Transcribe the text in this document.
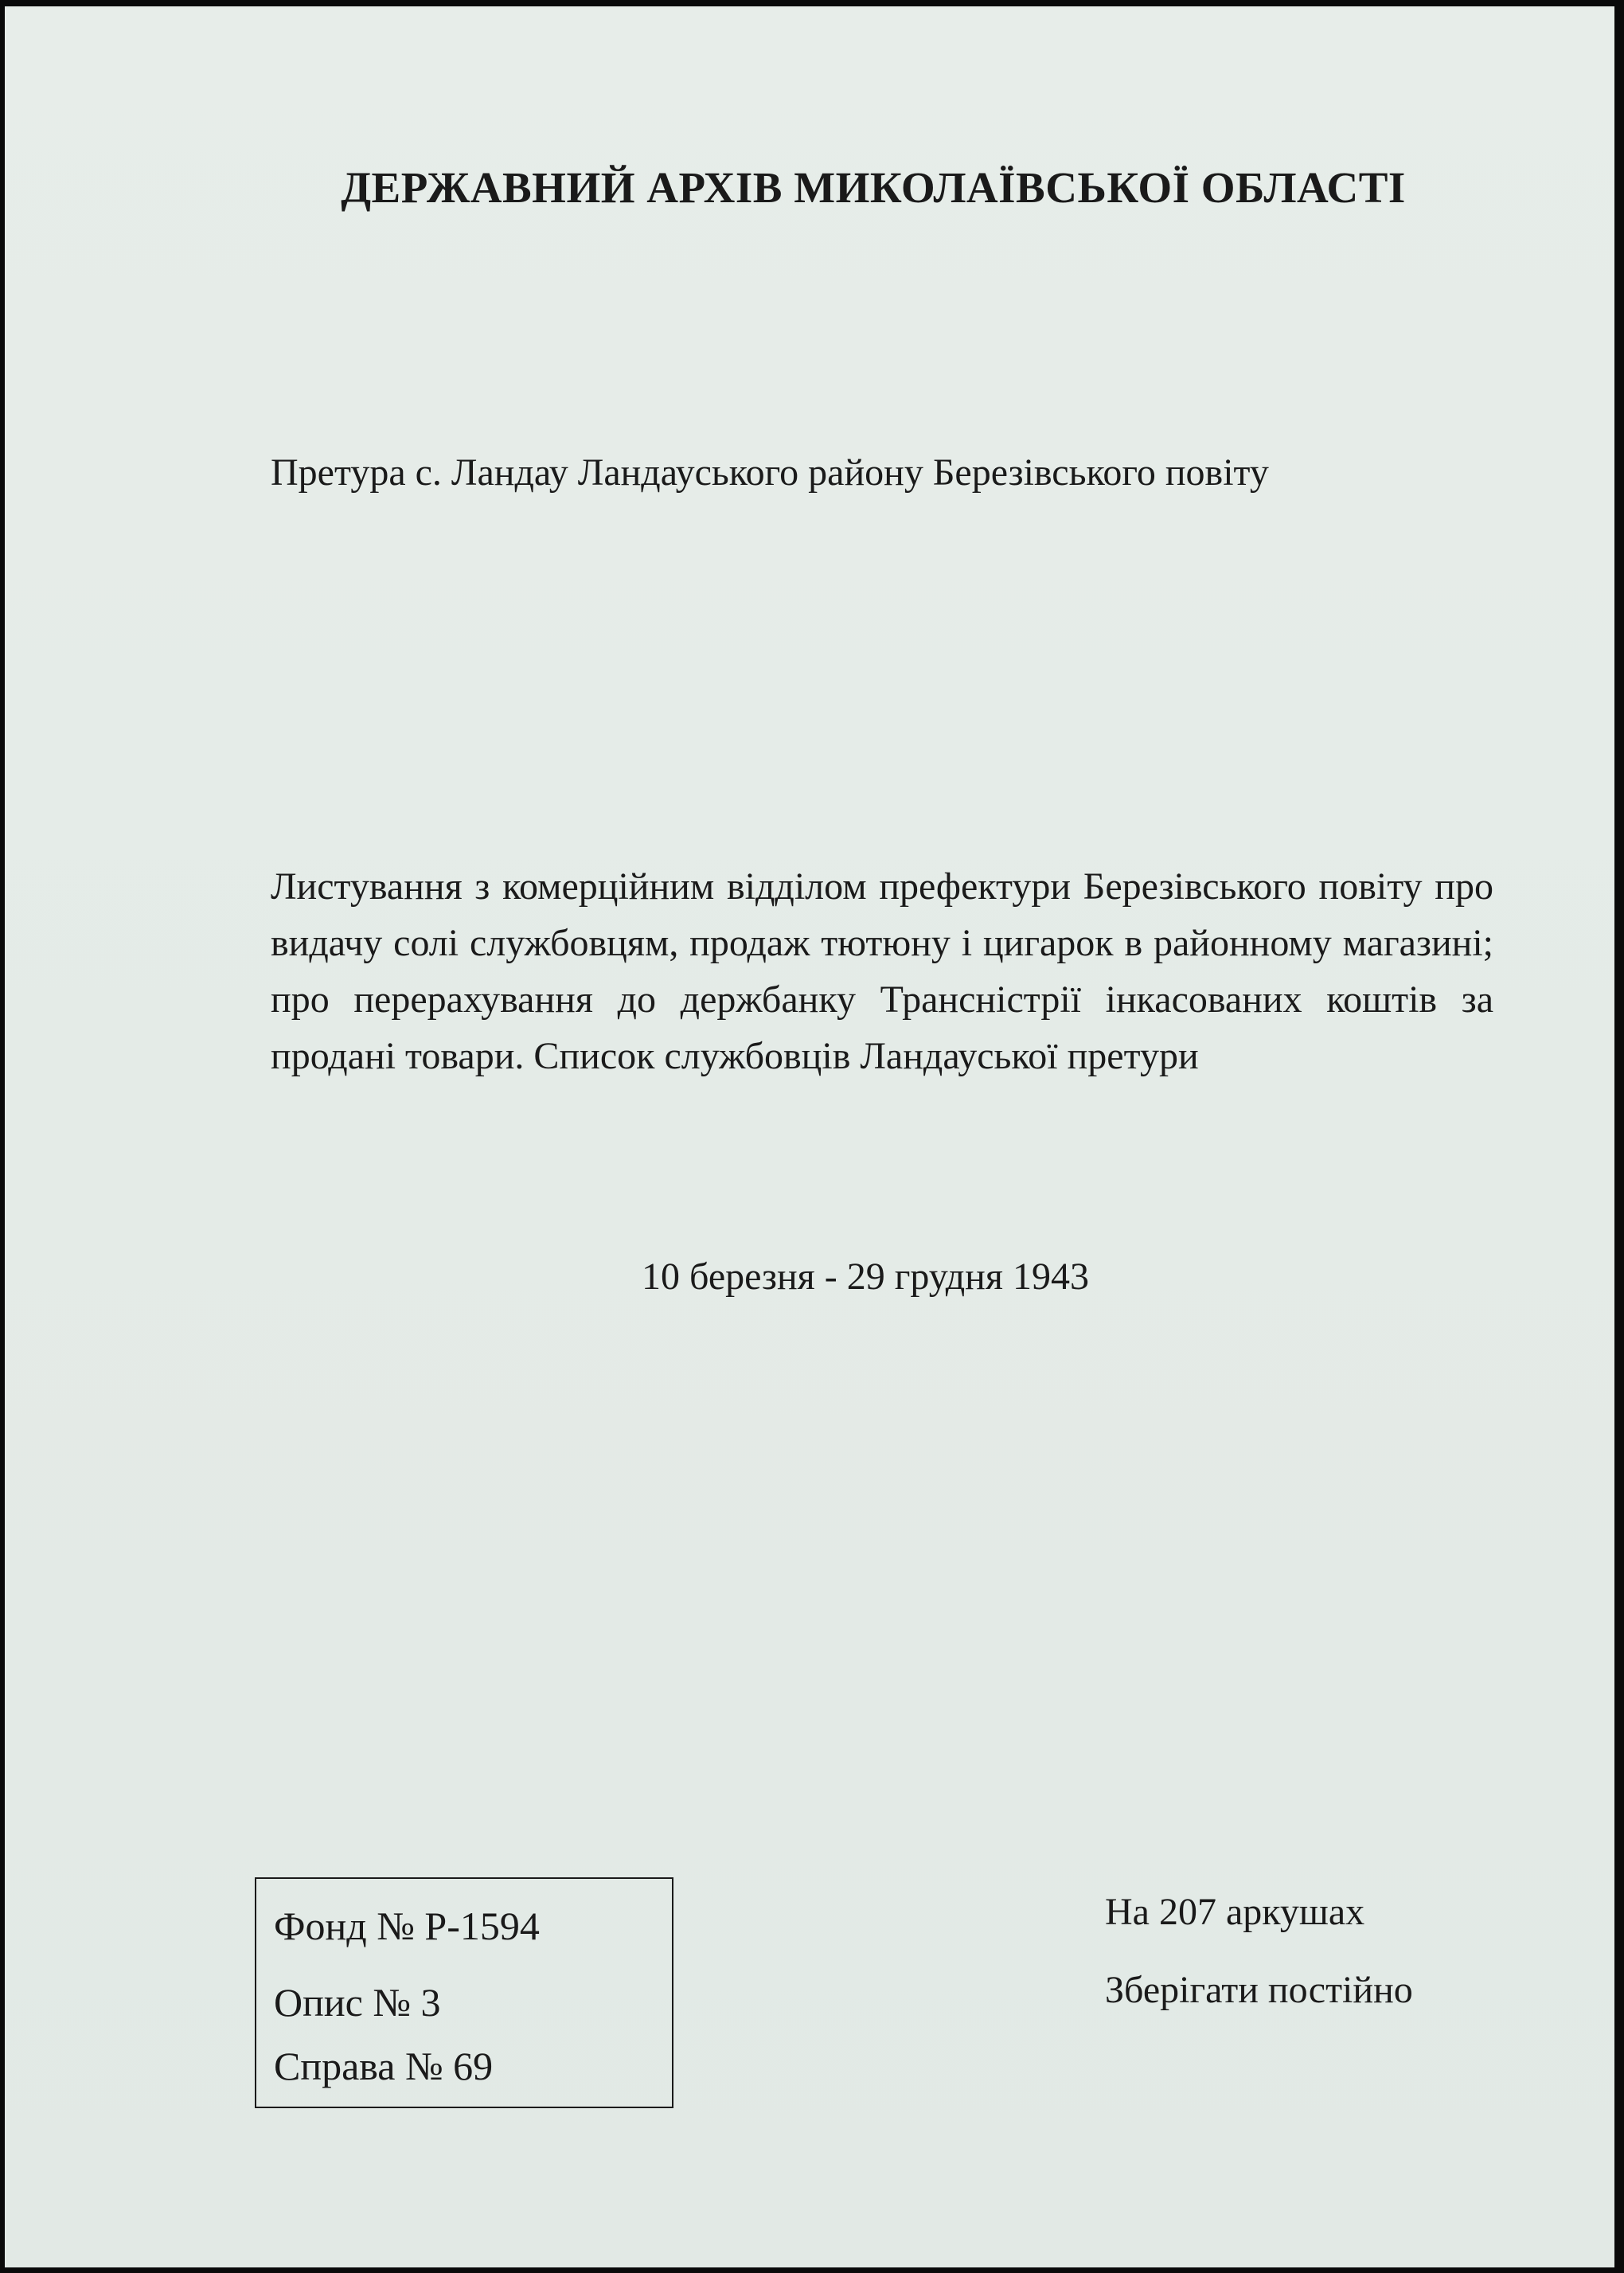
ДЕРЖАВНИЙ АРХІВ МИКОЛАЇВСЬКОЇ ОБЛАСТІ
Претура с. Ландау Ландауського району Березівського повіту
Листування з комерційним відділом префектури Березівського повіту про видачу солі службовцям, продаж тютюну і цигарок в районному магазині; про перерахування до держбанку Трансністрії інкасованих коштів за продані товари. Список службовців Ландауської претури
10 березня - 29 грудня 1943
Фонд № Р-1594
Опис № 3
Справа № 69
На 207 аркушах
Зберігати постійно
